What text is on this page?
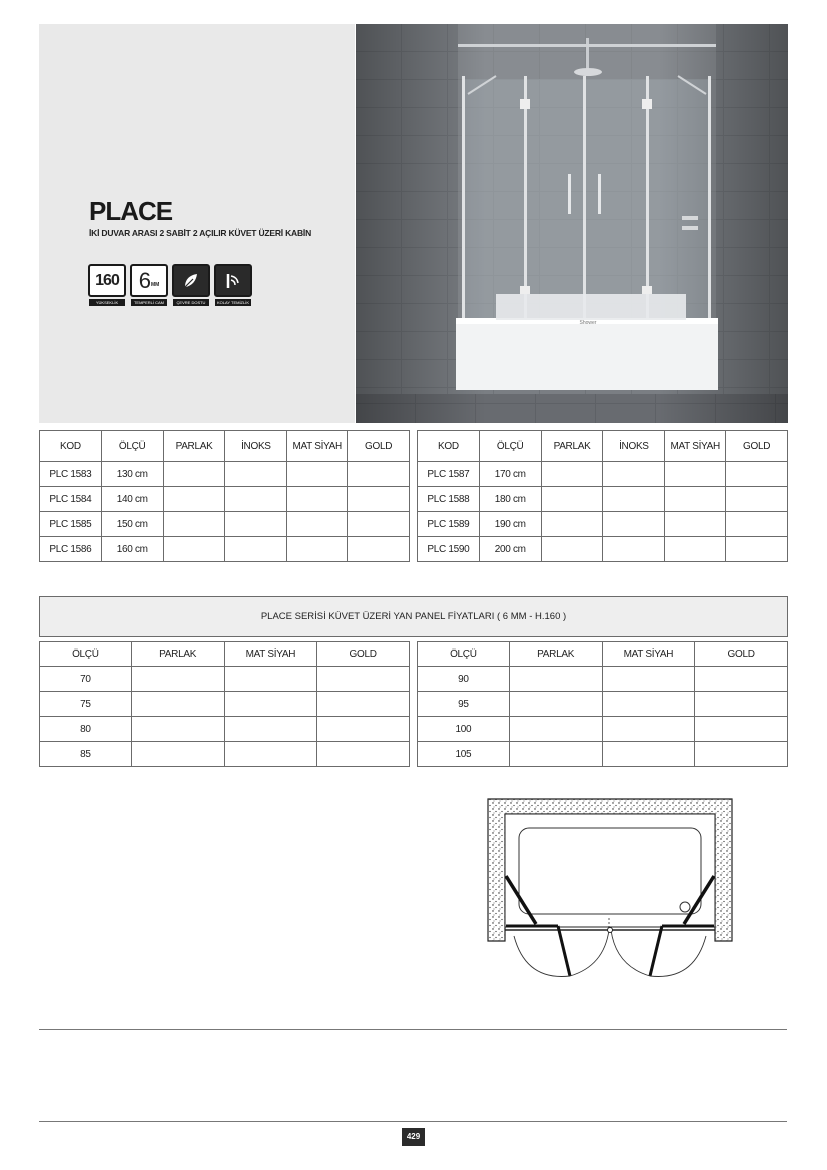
PLACE
İKİ DUVAR ARASI 2 SABİT 2 AÇILIR KÜVET ÜZERİ KABİN
160
YÜKSEKLİK
6 MM
TEMPERLİ CAM	ÇEVRE DOSTU	KOLAY TEMİZLİK
Shower
KOD	ÖLÇÜ	PARLAK	İNOKS	MAT SİYAH	GOLD
PLC 1583	130 cm				
PLC 1584	140 cm				
PLC 1585	150 cm				
PLC 1586	160 cm				
KOD	ÖLÇÜ	PARLAK	İNOKS	MAT SİYAH	GOLD
PLC 1587	170 cm				
PLC 1588	180 cm				
PLC 1589	190 cm				
PLC 1590	200 cm				
PLACE SERİSİ KÜVET ÜZERİ YAN PANEL FİYATLARI ( 6 MM - H.160 )
ÖLÇÜ	PARLAK	MAT SİYAH	GOLD
70			
75			
80			
85			
ÖLÇÜ	PARLAK	MAT SİYAH	GOLD
90			
95			
100			
105			
429
